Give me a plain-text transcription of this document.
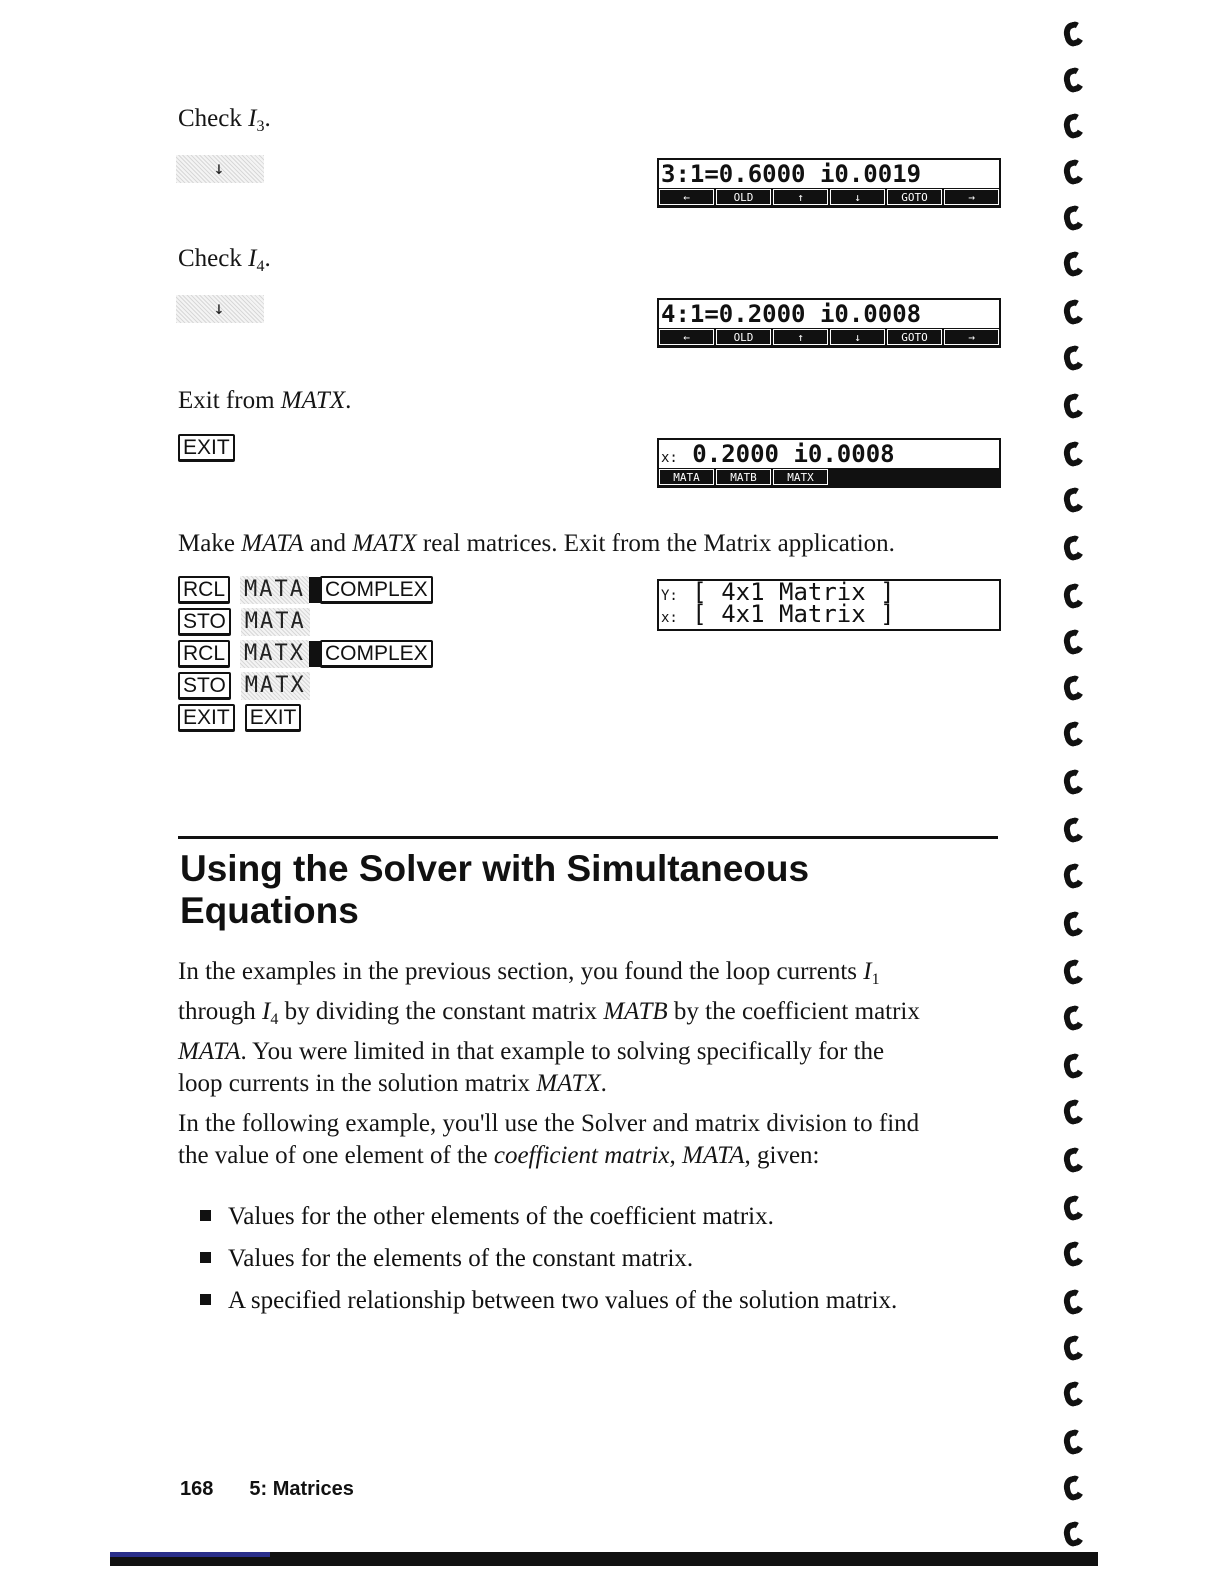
Check $I_3$.
↓	3:1=0.6000 i0.0019
←	OLD	↑	↓	GOTO	→
Check $I_4$.
↓	4:1=0.2000 i0.0008
←	OLD	↑	↓	GOTO	→
Exit from MATX.
EXIT	x: 0.2000 i0.0008
MATA	MATB	MATX
Make MATA and MATX real matrices. Exit from the Matrix application.
RCL MATA COMPLEX
STO MATA
RCL MATX COMPLEX
STO MATX
EXIT EXIT
Y: [ 4x1 Matrix ]
x: [ 4x1 Matrix ]
Using the Solver with Simultaneous
Equations
In the examples in the previous section, you found the loop currents $I_1$
through $I_4$ by dividing the constant matrix MATB by the coefficient matrix
MATA. You were limited in that example to solving specifically for the
loop currents in the solution matrix MATX.
In the following example, you'll use the Solver and matrix division to find
the value of one element of the coefficient matrix, MATA, given:
Values for the other elements of the coefficient matrix.
Values for the elements of the constant matrix.
A specified relationship between two values of the solution matrix.
168 5: Matrices
